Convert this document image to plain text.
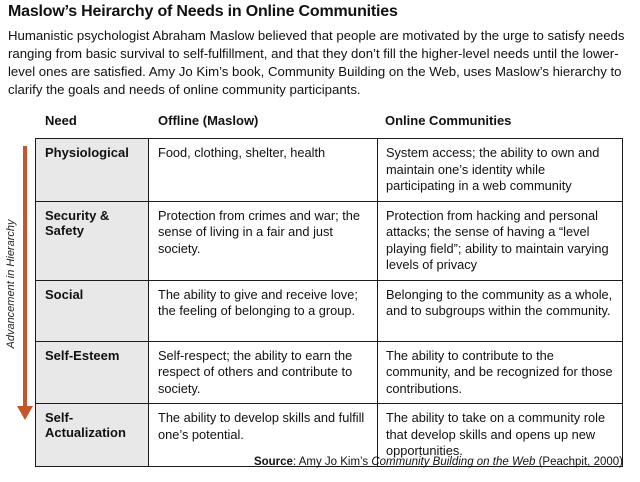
Maslow’s Heirarchy of Needs in Online Communities
Humanistic psychologist Abraham Maslow believed that people are motivated by the urge to satisfy needs ranging from basic survival to self-fulfillment, and that they don’t fill the higher-level needs until the lower-level ones are satisfied. Amy Jo Kim’s book, Community Building on the Web, uses Maslow’s hierarchy to clarify the goals and needs of online community participants.
Advancement in Hierarchy
Need	Offline (Maslow)	Online Communities
Physiological	Food, clothing, shelter, health	System access; the ability to own and maintain one’s identity while participating in a web community
Security & Safety	Protection from crimes and war; the sense of living in a fair and just society.	Protection from hacking and personal attacks; the sense of having a “level playing field”; ability to maintain varying levels of privacy
Social	The ability to give and receive love; the feeling of belonging to a group.	Belonging to the community as a whole, and to subgroups within the community.
Self-Esteem	Self-respect; the ability to earn the respect of others and contribute to society.	The ability to contribute to the community, and be recognized for those contributions.
Self-Actualization	The ability to develop skills and fulfill one’s potential.	The ability to take on a community role that develop skills and opens up new opportunities.
Source: Amy Jo Kim’s Community Building on the Web (Peachpit, 2000)
